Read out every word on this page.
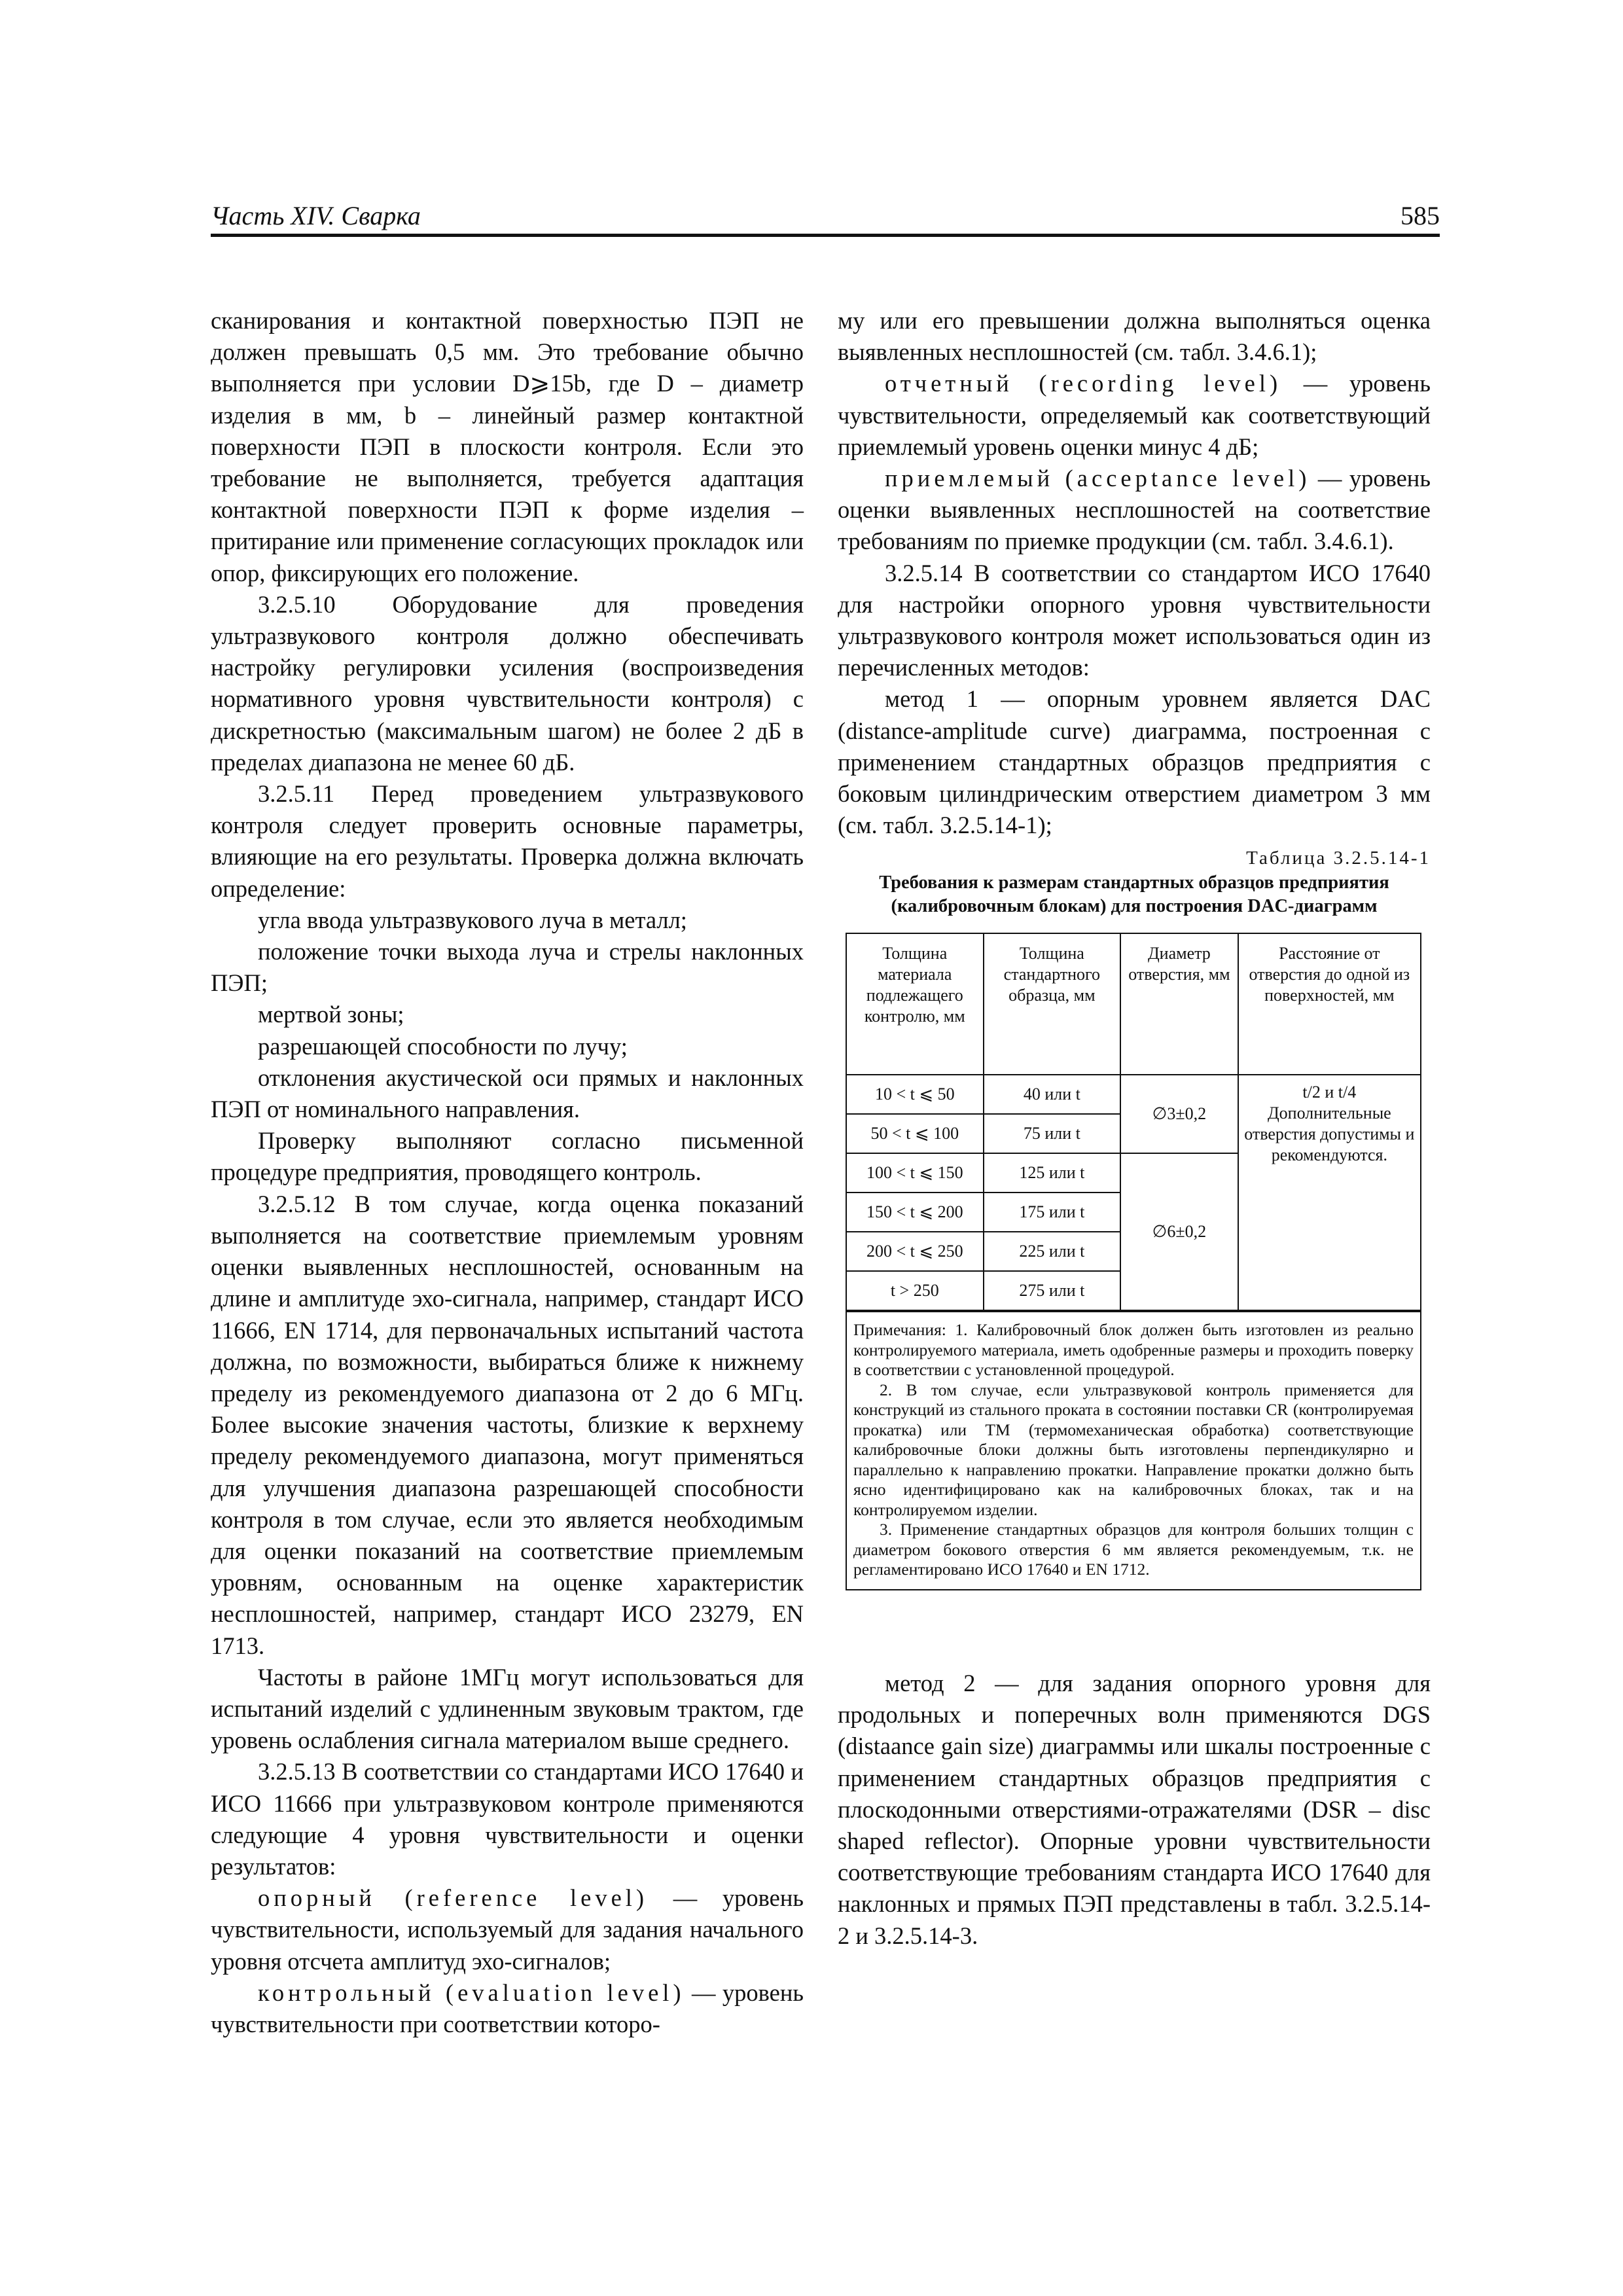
Часть XIV. Сварка	585

сканирования и контактной поверхностью ПЭП не должен превышать 0,5 мм. Это требование обычно выполняется при условии D⩾15b, где D – диаметр изделия в мм, b – линейный размер контактной поверхности ПЭП в плоскости контроля. Если это требование не выполняется, требуется адаптация контактной поверхности ПЭП к форме изделия – притирание или применение согласующих прокладок или опор, фиксирующих его положение.

3.2.5.10 Оборудование для проведения ультразвукового контроля должно обеспечивать настройку регулировки усиления (воспроизведения нормативного уровня чувствительности контроля) с дискретностью (максимальным шагом) не более 2 дБ в пределах диапазона не менее 60 дБ.

3.2.5.11 Перед проведением ультразвукового контроля следует проверить основные параметры, влияющие на его результаты. Проверка должна включать определение:

угла ввода ультразвукового луча в металл;

положение точки выхода луча и стрелы наклонных ПЭП;

мертвой зоны;

разрешающей способности по лучу;

отклонения акустической оси прямых и наклонных ПЭП от номинального направления.

Проверку выполняют согласно письменной процедуре предприятия, проводящего контроль.

3.2.5.12 В том случае, когда оценка показаний выполняется на соответствие приемлемым уровням оценки выявленных несплошностей, основанным на длине и амплитуде эхо-сигнала, например, стандарт ИСО 11666, EN 1714, для первоначальных испытаний частота должна, по возможности, выбираться ближе к нижнему пределу из рекомендуемого диапазона от 2 до 6 МГц. Более высокие значения частоты, близкие к верхнему пределу рекомендуемого диапазона, могут применяться для улучшения диапазона разрешающей способности контроля в том случае, если это является необходимым для оценки показаний на соответствие приемлемым уровням, основанным на оценке характеристик несплошностей, например, стандарт ИСО 23279, EN 1713.

Частоты в районе 1МГц могут использоваться для испытаний изделий с удлиненным звуковым трактом, где уровень ослабления сигнала материалом выше среднего.

3.2.5.13 В соответствии со стандартами ИСО 17640 и ИСО 11666 при ультразвуковом контроле применяются следующие 4 уровня чувствительности и оценки результатов:

опорный (reference level) — уровень чувствительности, используемый для задания начального уровня отсчета амплитуд эхо-сигналов;

контрольный (evaluation level) — уровень чувствительности при соответствии которо-

му или его превышении должна выполняться оценка выявленных несплошностей (см. табл. 3.4.6.1);

отчетный (recording level) — уровень чувствительности, определяемый как соответствующий приемлемый уровень оценки минус 4 дБ;

приемлемый (acceptance level) — уровень оценки выявленных несплошностей на соответствие требованиям по приемке продукции (см. табл. 3.4.6.1).

3.2.5.14 В соответствии со стандартом ИСО 17640 для настройки опорного уровня чувствительности ультразвукового контроля может использоваться один из перечисленных методов:

метод 1 — опорным уровнем является DAC (distance-amplitude curve) диаграмма, построенная с применением стандартных образцов предприятия с боковым цилиндрическим отверстием диаметром 3 мм (см. табл. 3.2.5.14-1);

Таблица 3.2.5.14-1
Требования к размерам стандартных образцов предприятия
(калибровочным блокам) для построения DAC-диаграмм
Толщина материала подлежащего контролю, мм	Толщина стандартного образца, мм	Диаметр отверстия, мм	Расстояние от отверстия до одной из поверхностей, мм
10 < t ⩽ 50	40 или t	∅3±0,2	t/2 и t/4
Дополнительные отверстия допустимы и рекомендуются.

50 < t ⩽ 100	75 или t		
100 < t ⩽ 150	125 или t	∅6±0,2	
150 < t ⩽ 200	175 или t		
200 < t ⩽ 250	225 или t		
t > 250	275 или t		

Примечания: 1. Калибровочный блок должен быть изготовлен из реально контролируемого материала, иметь одобренные размеры и проходить поверку в соответствии с установленной процедурой.

2. В том случае, если ультразвуковой контроль применяется для конструкций из стального проката в состоянии поставки CR (контролируемая прокатка) или TM (термомеханическая обработка) соответствующие калибровочные блоки должны быть изготовлены перпендикулярно и параллельно к направлению прокатки. Направление прокатки должно быть ясно идентифицировано как на калибровочных блоках, так и на контролируемом изделии.

3. Применение стандартных образцов для контроля больших толщин с диаметром бокового отверстия 6 мм является рекомендуемым, т.к. не регламентировано ИСО 17640 и EN 1712.			

метод 2 — для задания опорного уровня для продольных и поперечных волн применяются DGS (distaance gain size) диаграммы или шкалы построенные с применением стандартных образцов предприятия с плоскодонными отверстиями-отражателями (DSR – disc shaped reflector). Опорные уровни чувствительности соответствующие требованиям стандарта ИСО 17640 для наклонных и прямых ПЭП представлены в табл. 3.2.5.14-2 и 3.2.5.14-3.
